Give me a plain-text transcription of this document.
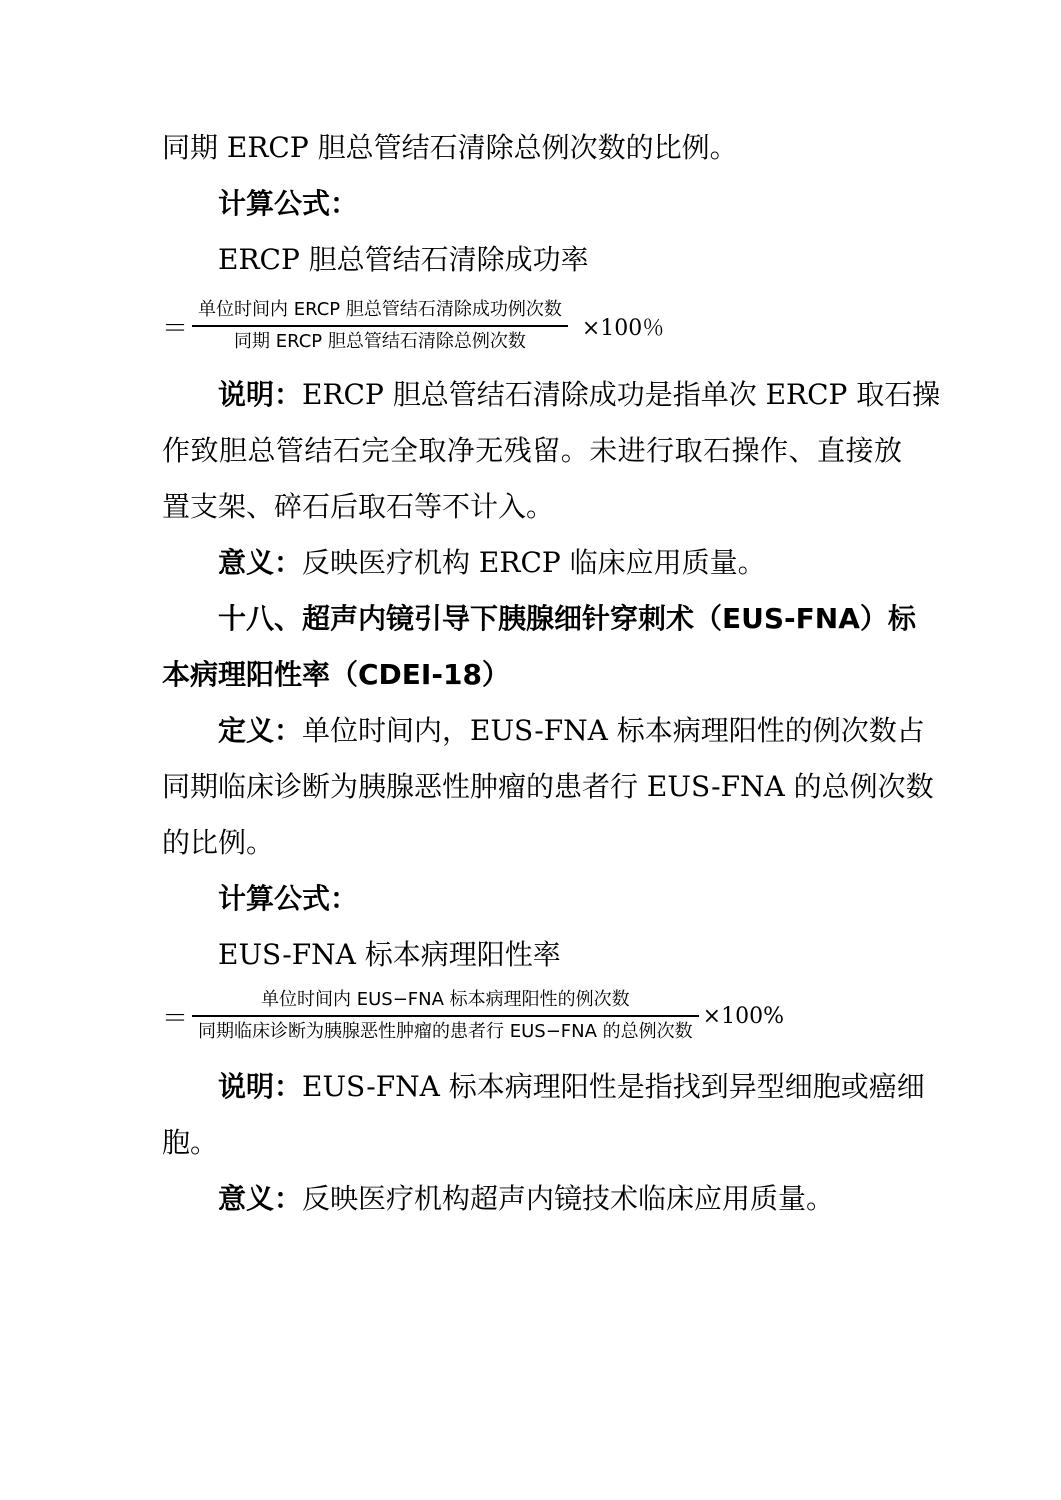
同期 ERCP 胆总管结石清除总例次数的比例。
计算公式：
ERCP 胆总管结石清除成功率
＝ $\frac{\text{单位时间内 ERCP 胆总管结石清除成功例次数}}{\text{同期 ERCP 胆总管结石清除总例次数}} \times 100$％
说明：ERCP 胆总管结石清除成功是指单次 ERCP 取石操
作致胆总管结石完全取净无残留。未进行取石操作、直接放
置支架、碎石后取石等不计入。
意义：反映医疗机构 ERCP 临床应用质量。
十八、超声内镜引导下胰腺细针穿刺术（EUS-FNA）标
本病理阳性率（CDEI-18）
定义：单位时间内，EUS-FNA 标本病理阳性的例次数占
同期临床诊断为胰腺恶性肿瘤的患者行 EUS-FNA 的总例次数
的比例。
计算公式：
EUS-FNA 标本病理阳性率
＝ $\frac{\text{单位时间内 EUS−FNA 标本病理阳性的例次数}}{\text{同期临床诊断为胰腺恶性肿瘤的患者行 EUS−FNA 的总例次数}} \times 100\%$
说明：EUS-FNA 标本病理阳性是指找到异型细胞或癌细
胞。
意义：反映医疗机构超声内镜技术临床应用质量。
